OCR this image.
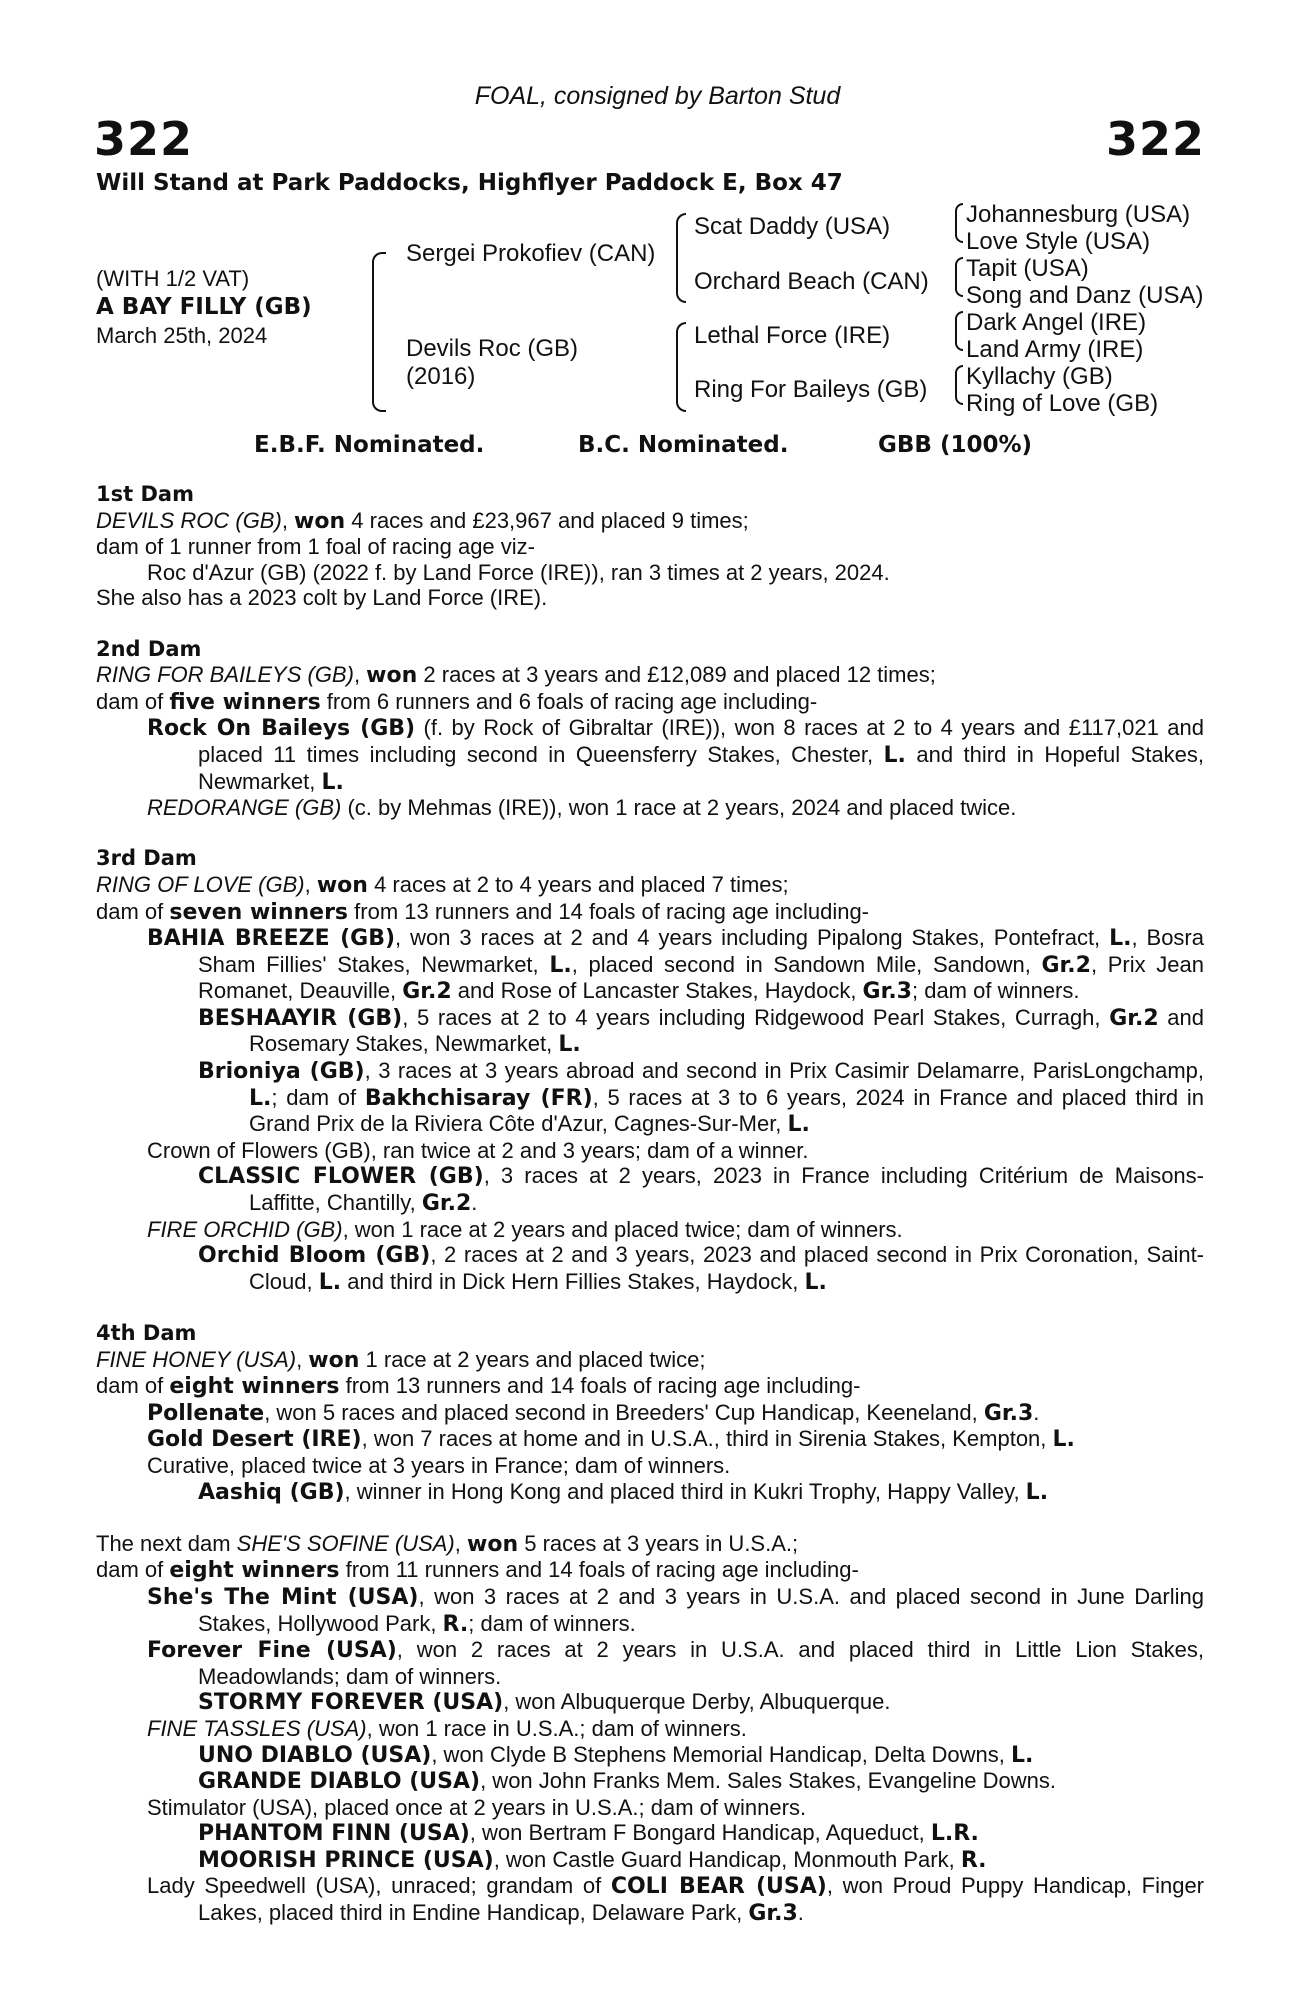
FOAL, consigned by Barton Stud
322	322
Will Stand at Park Paddocks, Highflyer Paddock E, Box 47
(WITH 1/2 VAT)
A BAY FILLY (GB)
March 25th, 2024
Sergei Prokofiev (CAN)
Devils Roc (GB)
(2016)
Scat Daddy (USA)
Orchard Beach (CAN)
Lethal Force (IRE)
Ring For Baileys (GB)
Johannesburg (USA)
Love Style (USA)
Tapit (USA)
Song and Danz (USA)
Dark Angel (IRE)
Land Army (IRE)
Kyllachy (GB)
Ring of Love (GB)
E.B.F. Nominated.	B.C. Nominated.	GBB (100%)

1st Dam

DEVILS ROC (GB), won 4 races and £23,967 and placed 9 times;

dam of 1 runner from 1 foal of racing age viz-

Roc d'Azur (GB) (2022 f. by Land Force (IRE)), ran 3 times at 2 years, 2024.

She also has a 2023 colt by Land Force (IRE).

2nd Dam

RING FOR BAILEYS (GB), won 2 races at 3 years and £12,089 and placed 12 times;

dam of five winners from 6 runners and 6 foals of racing age including-

Rock On Baileys (GB) (f. by Rock of Gibraltar (IRE)), won 8 races at 2 to 4 years and £117,021 and placed 11 times including second in Queensferry Stakes, Chester, L. and third in Hopeful Stakes, Newmarket, L.

REDORANGE (GB) (c. by Mehmas (IRE)), won 1 race at 2 years, 2024 and placed twice.

3rd Dam

RING OF LOVE (GB), won 4 races at 2 to 4 years and placed 7 times;

dam of seven winners from 13 runners and 14 foals of racing age including-

BAHIA BREEZE (GB), won 3 races at 2 and 4 years including Pipalong Stakes, Pontefract, L., Bosra Sham Fillies' Stakes, Newmarket, L., placed second in Sandown Mile, Sandown, Gr.2, Prix Jean Romanet, Deauville, Gr.2 and Rose of Lancaster Stakes, Haydock, Gr.3; dam of winners.

BESHAAYIR (GB), 5 races at 2 to 4 years including Ridgewood Pearl Stakes, Curragh, Gr.2 and Rosemary Stakes, Newmarket, L.

Brioniya (GB), 3 races at 3 years abroad and second in Prix Casimir Delamarre, ParisLongchamp, L.; dam of Bakhchisaray (FR), 5 races at 3 to 6 years, 2024 in France and placed third in Grand Prix de la Riviera Côte d'Azur, Cagnes-Sur-Mer, L.

Crown of Flowers (GB), ran twice at 2 and 3 years; dam of a winner.

CLASSIC FLOWER (GB), 3 races at 2 years, 2023 in France including Critérium de Maisons-Laffitte, Chantilly, Gr.2.

FIRE ORCHID (GB), won 1 race at 2 years and placed twice; dam of winners.

Orchid Bloom (GB), 2 races at 2 and 3 years, 2023 and placed second in Prix Coronation, Saint-Cloud, L. and third in Dick Hern Fillies Stakes, Haydock, L.

4th Dam

FINE HONEY (USA), won 1 race at 2 years and placed twice;

dam of eight winners from 13 runners and 14 foals of racing age including-

Pollenate, won 5 races and placed second in Breeders' Cup Handicap, Keeneland, Gr.3.

Gold Desert (IRE), won 7 races at home and in U.S.A., third in Sirenia Stakes, Kempton, L.

Curative, placed twice at 3 years in France; dam of winners.

Aashiq (GB), winner in Hong Kong and placed third in Kukri Trophy, Happy Valley, L.

The next dam SHE'S SOFINE (USA), won 5 races at 3 years in U.S.A.;

dam of eight winners from 11 runners and 14 foals of racing age including-

She's The Mint (USA), won 3 races at 2 and 3 years in U.S.A. and placed second in June Darling Stakes, Hollywood Park, R.; dam of winners.

Forever Fine (USA), won 2 races at 2 years in U.S.A. and placed third in Little Lion Stakes, Meadowlands; dam of winners.

STORMY FOREVER (USA), won Albuquerque Derby, Albuquerque.

FINE TASSLES (USA), won 1 race in U.S.A.; dam of winners.

UNO DIABLO (USA), won Clyde B Stephens Memorial Handicap, Delta Downs, L.

GRANDE DIABLO (USA), won John Franks Mem. Sales Stakes, Evangeline Downs.

Stimulator (USA), placed once at 2 years in U.S.A.; dam of winners.

PHANTOM FINN (USA), won Bertram F Bongard Handicap, Aqueduct, L.R.

MOORISH PRINCE (USA), won Castle Guard Handicap, Monmouth Park, R.

Lady Speedwell (USA), unraced; grandam of COLI BEAR (USA), won Proud Puppy Handicap, Finger Lakes, placed third in Endine Handicap, Delaware Park, Gr.3.
